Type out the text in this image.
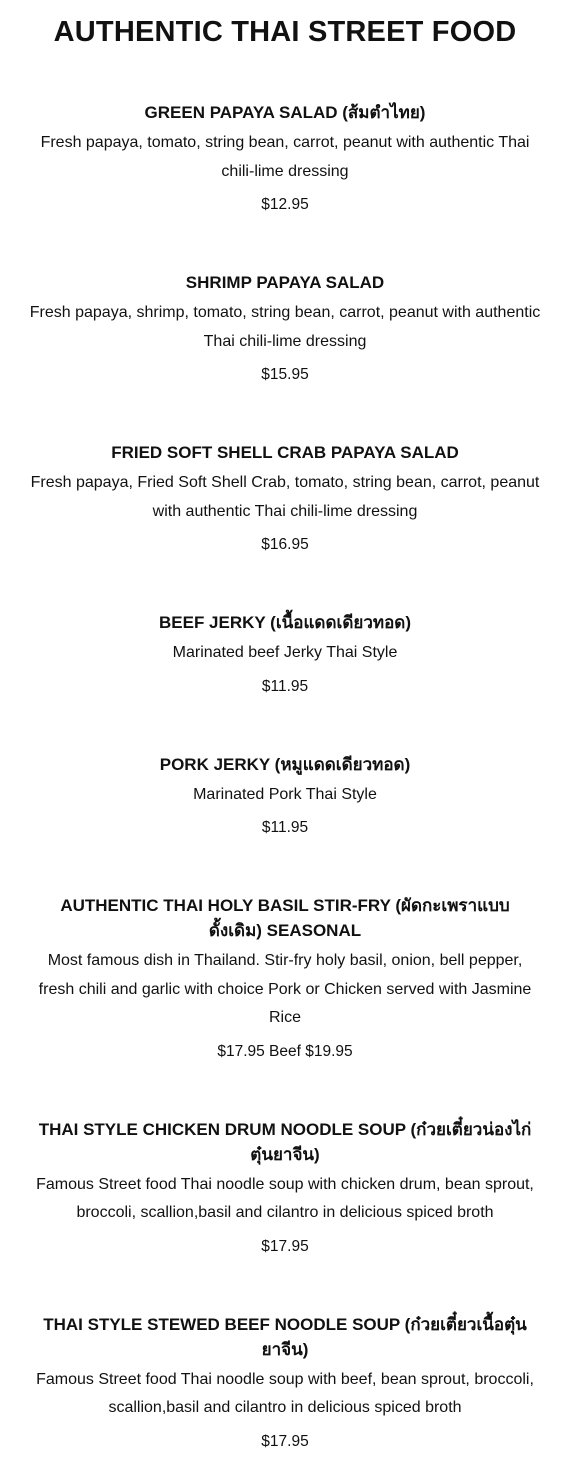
AUTHENTIC THAI STREET FOOD
GREEN PAPAYA SALAD (ส้มตำไทย)
Fresh papaya, tomato, string bean, carrot, peanut with authentic Thai chili-lime dressing
$12.95
SHRIMP PAPAYA SALAD
Fresh papaya, shrimp, tomato, string bean, carrot, peanut with authentic Thai chili-lime dressing
$15.95
FRIED SOFT SHELL CRAB PAPAYA SALAD
Fresh papaya, Fried Soft Shell Crab, tomato, string bean, carrot, peanut with authentic Thai chili-lime dressing
$16.95
BEEF JERKY (เนื้อแดดเดียวทอด)
Marinated beef Jerky Thai Style
$11.95
PORK JERKY (หมูแดดเดียวทอด)
Marinated Pork Thai Style
$11.95
AUTHENTIC THAI HOLY BASIL STIR-FRY (ผัดกะเพราแบบดั้งเดิม) SEASONAL
Most famous dish in Thailand. Stir-fry holy basil, onion, bell pepper, fresh chili and garlic with choice Pork or Chicken served with Jasmine Rice
$17.95 Beef $19.95
THAI STYLE CHICKEN DRUM NOODLE SOUP (ก๋วยเตี๋ยวน่องไก่ตุ๋นยาจีน)
Famous Street food Thai noodle soup with chicken drum, bean sprout, broccoli, scallion,basil and cilantro in delicious spiced broth
$17.95
THAI STYLE STEWED BEEF NOODLE SOUP (ก๋วยเตี๋ยวเนื้อตุ๋นยาจีน)
Famous Street food Thai noodle soup with beef, bean sprout, broccoli, scallion,basil and cilantro in delicious spiced broth
$17.95
